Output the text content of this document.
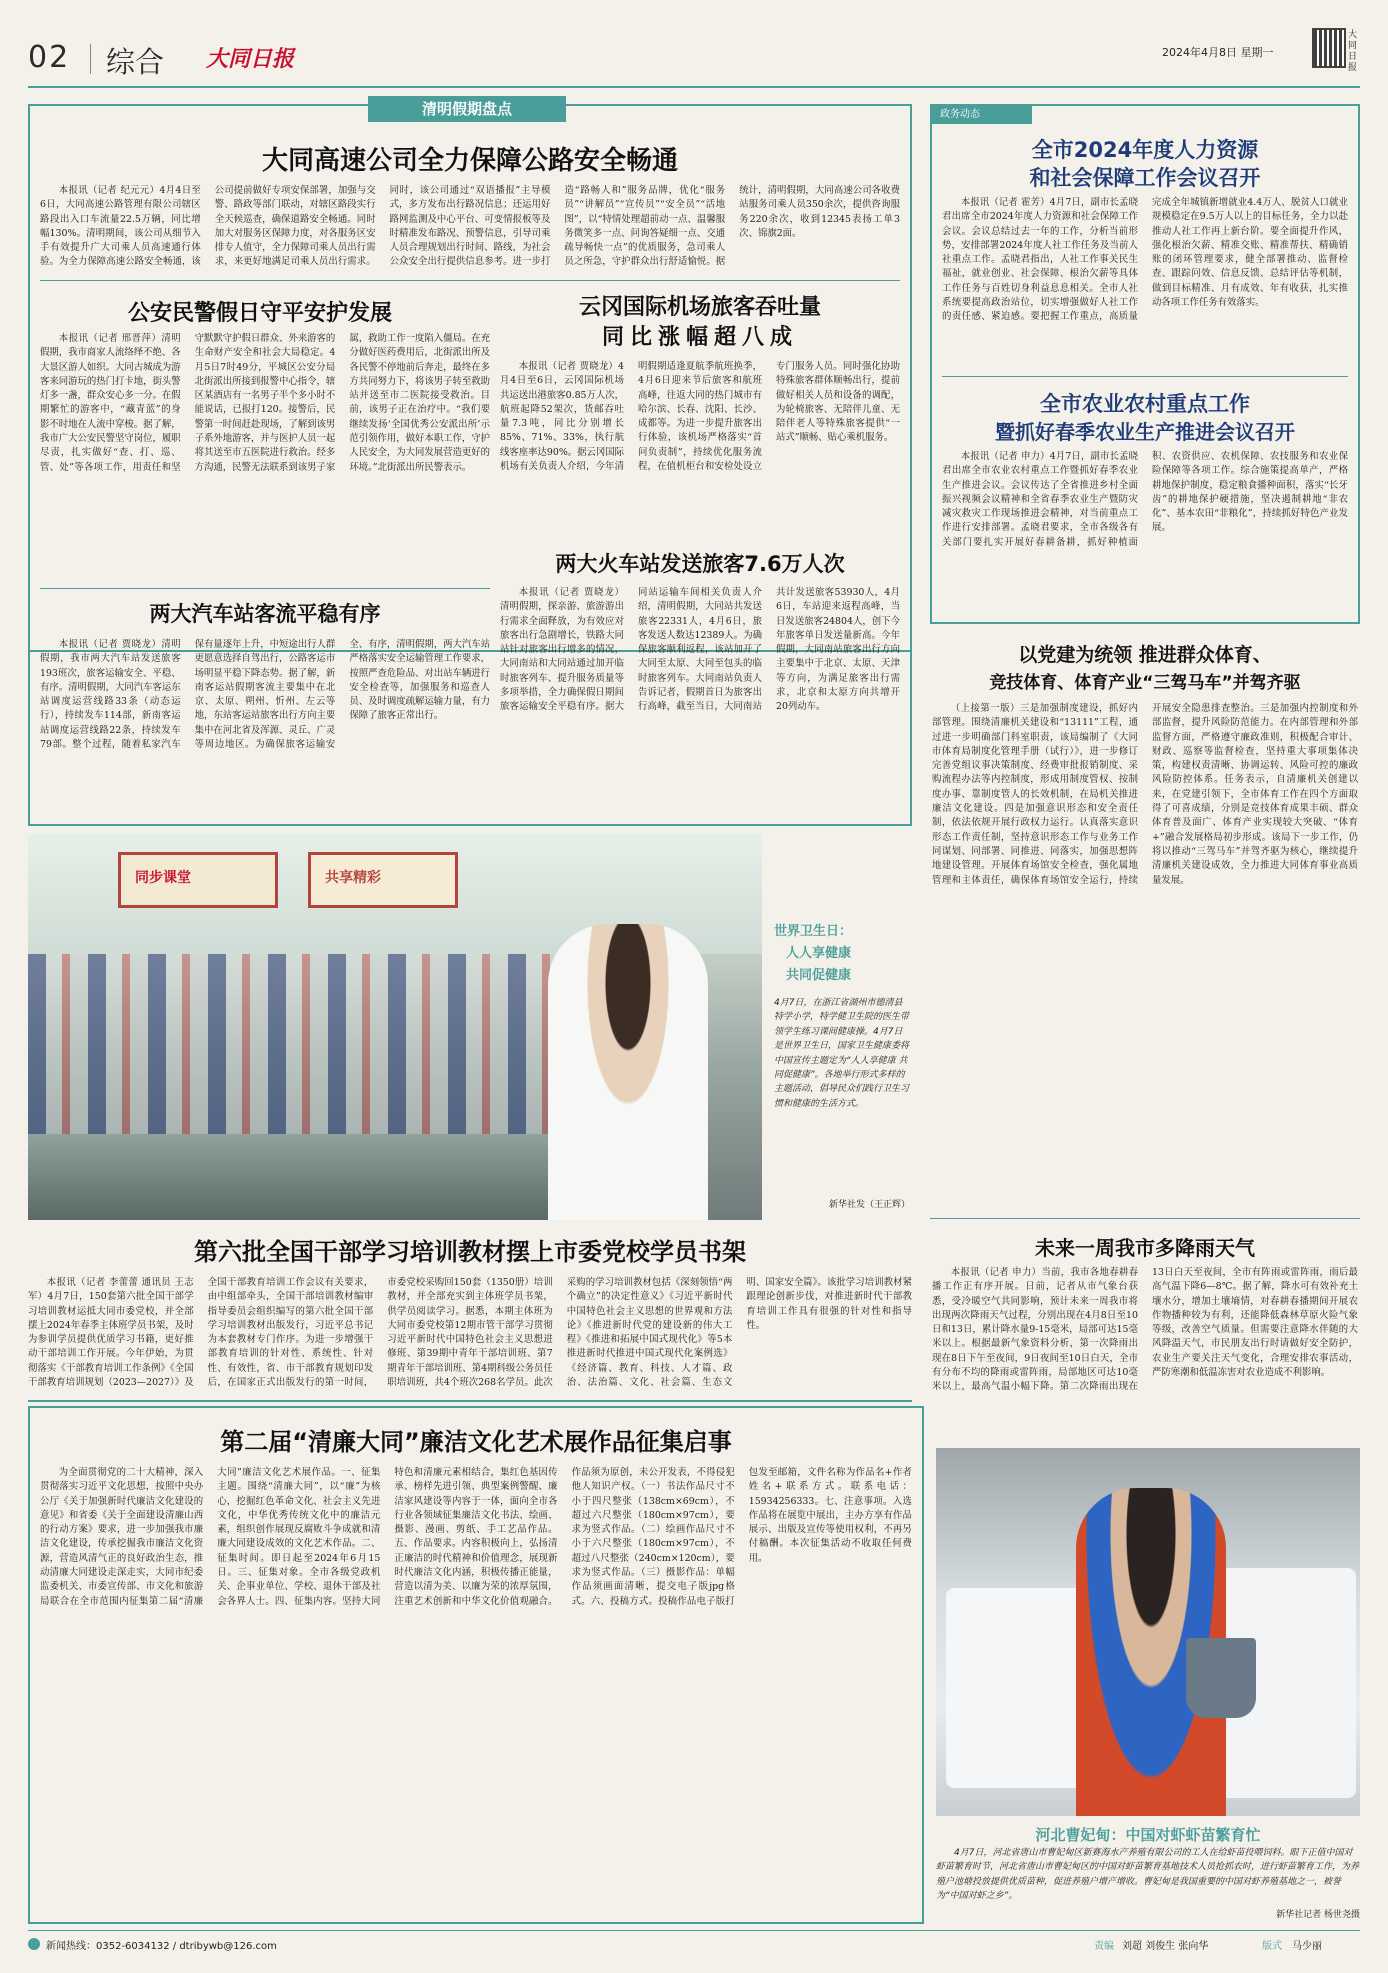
02 综合 大同日报	2024年4月8日 星期一
大同日报
清明假期盘点
大同高速公司全力保障公路安全畅通
本报讯（记者 纪元元）4月4日至6日，大同高速公路管理有限公司辖区路段出入口车流量22.5万辆，同比增幅130%。清明期间，该公司从细节入手有效提升广大司乘人员高速通行体验。为全力保障高速公路安全畅通，该公司提前做好专项安保部署，加强与交警、路政等部门联动，对辖区路段实行全天候巡查，确保道路安全畅通。同时加大对服务区保障力度，对各服务区安排专人值守，全力保障司乘人员出行需求，来更好地满足司乘人员出行需求。同时，该公司通过“双语播报”主导模式，多方发布出行路况信息；还运用好路网监测及中心平台、可变情报板等及时精准发布路况、预警信息，引导司乘人员合理规划出行时间、路线，为社会公众安全出行提供信息参考。进一步打造“路畅人和”服务品牌，优化“服务员”“讲解员”“宣传员”“安全员”“活地图”，以“特情处理超前动一点、温馨服务微笑多一点、问询答疑细一点、交通疏导畅快一点”的优质服务，急司乘人员之所急，守护群众出行舒适愉悦。据统计，清明假期，大同高速公司各收费站服务司乘人员350余次，提供咨询服务220余次，收到12345表扬工单3次、锦旗2面。
公安民警假日守平安护发展
本报讯（记者 邢晋萍）清明假期，我市商家人流络绎不绝、各大景区游人如织。大同古城成为游客来同游玩的热门打卡地，街头警灯多一盏，群众安心多一分。在假期繁忙的游客中，“藏青蓝”的身影不时地在人流中穿梭。据了解，我市广大公安民警坚守岗位，履职尽责，扎实做好“查、打、巡、管、处”等各项工作，用责任和坚守默默守护假日群众、外来游客的生命财产安全和社会大局稳定。4月5日7时49分，平城区公安分局北街派出所接到报警中心指令，辖区某酒店有一名男子半个多小时不能说话，已报打120。接警后，民警第一时间赶赴现场，了解到该男子系外地游客，并与医护人员一起将其送至市五医院进行救治。经多方沟通，民警无法联系到该男子家属，救助工作一度陷入僵局。在充分做好医药费用后，北街派出所及各民警不停地前后奔走，最终在多方共同努力下，将该男子转至救助站并送至市二医院接受救治。目前，该男子正在治疗中。“我们要继续发扬‘全国优秀公安派出所’示范引领作用，做好本职工作，守护人民安全，为大同发展营造更好的环境。”北街派出所民警表示。
云冈国际机场旅客吞吐量
同比涨幅超八成
本报讯（记者 贾晓龙）4月4日至6日，云冈国际机场共运送出港旅客0.85万人次，航班起降52架次，货邮吞吐量7.3吨，同比分别增长85%、71%、33%，执行航线客座率达90%。据云冈国际机场有关负责人介绍，今年清明假期适逢夏航季航班换季，4月6日迎来节后旅客和航班高峰，往返大同的热门城市有哈尔滨、长春、沈阳、长沙、成都等。为进一步提升旅客出行体验，该机场严格落实“首问负责制”，持续优化服务流程，在值机柜台和安检处设立专门服务人员。同时强化协助特殊旅客群体顺畅出行，提前做好相关人员和设备的调配，为轮椅旅客、无陪伴儿童、无陪伴老人等特殊旅客提供“一站式”顺畅、贴心乘机服务。
两大汽车站客流平稳有序
两大火车站发送旅客7.6万人次
本报讯（记者 贾晓龙）清明假期，我市两大汽车站发送旅客193班次，旅客运输安全、平稳、有序。清明假期，大同汽车客运东站调度运营线路33条（动态运行），持续发车114部，新南客运站调度运营线路22条，持续发车79部。整个过程，随着私家汽车保有量逐年上升，中短途出行人群更愿意选择自驾出行，公路客运市场明显平稳下降态势。据了解，新南客运站假期客流主要集中在北京、太原、朔州、忻州、左云等地，东站客运站旅客出行方向主要集中在河北省及浑源、灵丘、广灵等周边地区。为确保旅客运输安全、有序，清明假期，两大汽车站严格落实安全运输管理工作要求，按照严查危险品、对出站车辆进行安全检查等，加强服务和巡查人员、及时调度疏解运输力量，有力保障了旅客正常出行。
本报讯（记者 贾晓龙）清明假期，探亲游、旅游游出行需求全面释放，为有效应对旅客出行急剧增长，铁路大同站针对旅客出行增多的情况，大同南站和大同站通过加开临时旅客列车、提升服务质量等多项举措，全力确保假日期间旅客运输安全平稳有序。据大同站运输车间相关负责人介绍，清明假期，大同站共发送旅客22331人，4月6日，旅客发送人数达12389人。为确保旅客顺利返程，该站加开了大同至太原、大同至包头的临时旅客列车。大同南站负责人告诉记者，假期首日为旅客出行高峰，截至当日，大同南站共计发送旅客53930人，4月6日，车站迎来返程高峰，当日发送旅客24804人，创下今年旅客单日发送量新高。今年假期，大同南站旅客出行方向主要集中于北京、太原、天津等方向，为满足旅客出行需求，北京和太原方向共增开20列动车。
同步课堂	共享精彩
世界卫生日：
人人享健康
共同促健康
4月7日，在浙江省湖州市德清县特学小学，特学健卫生院的医生带领学生练习课间健康操。4月7日是世界卫生日，国家卫生健康委将中国宣传主题定为“人人享健康 共同促健康”。各地举行形式多样的主题活动，倡导民众们践行卫生习惯和健康的生活方式。
新华社发（王正辉）
第六批全国干部学习培训教材摆上市委党校学员书架
本报讯（记者 李蕾蕾 通讯员 王志军）4月7日，150套第六批全国干部学习培训教材运抵大同市委党校，并全部摆上2024年春季主体班学员书架，及时为参训学员提供优质学习书籍，更好推动干部培训工作开展。今年伊始，为贯彻落实《干部教育培训工作条例》《全国干部教育培训规划（2023—2027）》及全国干部教育培训工作会议有关要求，由中组部牵头，全国干部培训教材编审指导委员会组织编写的第六批全国干部学习培训教材出版发行，习近平总书记为本套教材专门作序。为进一步增强干部教育培训的针对性、系统性、针对性、有效性，省、市干部教育规划印发后，在国家正式出版发行的第一时间，市委党校采购回150套（1350册）培训教材，并全部充实到主体班学员书架，供学员阅读学习。据悉，本期主体班为大同市委党校第12期市管干部学习贯彻习近平新时代中国特色社会主义思想进修班、第39期中青年干部培训班、第7期青年干部培训班、第4期科级公务员任职培训班，共4个班次268名学员。此次采购的学习培训教材包括《深刻领悟“两个确立”的决定性意义》《习近平新时代中国特色社会主义思想的世界观和方法论》《推进新时代党的建设新的伟大工程》《推进和拓展中国式现代化》等5本推进新时代推进中国式现代化案例选》《经济篇、教育、科技、人才篇、政治、法治篇、文化、社会篇、生态文明、国家安全篇》。该批学习培训教材紧跟理论创新步伐，对推进新时代干部教育培训工作具有很强的针对性和指导性。
第二届“清廉大同”廉洁文化艺术展作品征集启事
为全面贯彻党的二十大精神，深入贯彻落实习近平文化思想，按照中央办公厅《关于加强新时代廉洁文化建设的意见》和省委《关于全面建设清廉山西的行动方案》要求，进一步加强我市廉洁文化建设，传承挖掘我市廉洁文化资源，营造风清气正的良好政治生态，推动清廉大同建设走深走实，大同市纪委监委机关、市委宣传部、市文化和旅游局联合在全市范围内征集第二届“清廉大同”廉洁文化艺术展作品。一、征集主题。围绕“清廉大同”，以“廉”为核心，挖掘红色革命文化、社会主义先进文化，中华优秀传统文化中的廉洁元素，组织创作展现反腐败斗争成就和清廉大同建设成效的文化艺术作品。二、征集时间。即日起至2024年6月15日。三、征集对象。全市各级党政机关、企事业单位、学校、退休干部及社会各界人士。四、征集内容。坚持大同特色和清廉元素相结合，集红色基因传承、榜样先进引领、典型案例警醒、廉洁家风建设等内容于一体，面向全市各行业各领域征集廉洁文化书法、绘画、摄影、漫画、剪纸、手工艺品作品。五、作品要求。内容积极向上，弘扬清正廉洁的时代精神和价值理念，展现新时代廉洁文化内涵，积极传播正能量，营造以清为美、以廉为荣的浓厚氛围，注重艺术创新和中华文化价值观融合。作品须为原创，未公开发表，不得侵犯他人知识产权。（一）书法作品尺寸不小于四尺整张（138cm×69cm），不超过六尺整张（180cm×97cm），要求为竖式作品。（二）绘画作品尺寸不小于六尺整张（180cm×97cm），不超过八尺整张（240cm×120cm），要求为竖式作品。（三）摄影作品：单幅作品须画面清晰，提交电子版jpg格式。六、投稿方式。投稿作品电子版打包发至邮箱，文件名称为作品名+作者姓名+联系方式。联系电话：15934256333。七、注意事项。入选作品将在展览中展出，主办方享有作品展示、出版及宣传等使用权利，不再另付稿酬。本次征集活动不收取任何费用。
政务动态
全市2024年度人力资源
和社会保障工作会议召开
本报讯（记者 霍芳）4月7日，副市长孟晓君出席全市2024年度人力资源和社会保障工作会议。会议总结过去一年的工作，分析当前形势，安排部署2024年度人社工作任务及当前人社重点工作。孟晓君指出，人社工作事关民生福祉，就业创业、社会保障、根治欠薪等具体工作任务与百姓切身利益息息相关。全市人社系统要提高政治站位，切实增强做好人社工作的责任感、紧迫感。要把握工作重点，高质量完成全年城镇新增就业4.4万人、脱贫人口就业规模稳定在9.5万人以上的目标任务，全力以赴推动人社工作再上新台阶。要全面提升作风，强化根治欠薪、精准交账、精准帮扶、精确销账的闭环管理要求，健全部署推动、监督检查、跟踪问效、信息反馈、总结评估等机制，做到目标精准、月有成效、年有收获，扎实推动各项工作任务有效落实。
全市农业农村重点工作
暨抓好春季农业生产推进会议召开
本报讯（记者 申力）4月7日，副市长孟晓君出席全市农业农村重点工作暨抓好春季农业生产推进会议。会议传达了全省推进乡村全面振兴视频会议精神和全省春季农业生产暨防灾减灾救灾工作现场推进会精神，对当前重点工作进行安排部署。孟晓君要求，全市各级各有关部门要扎实开展好春耕备耕，抓好种植面积、农资供应、农机保障、农技服务和农业保险保障等各项工作。综合施策提高单产，严格耕地保护制度，稳定粮食播种面积，落实“长牙齿”的耕地保护硬措施，坚决遏制耕地“非农化”、基本农田“非粮化”，持续抓好特色产业发展。
以党建为统领 推进群众体育、
竞技体育、体育产业“三驾马车”并驾齐驱
（上接第一版）三是加强制度建设，抓好内部管理。围绕清廉机关建设和“13111”工程，通过进一步明确部门科室职责，该局编制了《大同市体育局制度化管理手册（试行）》，进一步修订完善党组议事决策制度、经费审批报销制度、采购流程办法等内控制度，形成用制度管权、按制度办事、靠制度管人的长效机制，在局机关推进廉洁文化建设。四是加强意识形态和安全责任制，依法依规开展行政权力运行。认真落实意识形态工作责任制，坚持意识形态工作与业务工作同谋划、同部署、同推进、同落实，加强思想阵地建设管理。开展体育场馆安全检查，强化属地管理和主体责任，确保体育场馆安全运行，持续开展安全隐患排查整治。三是加强内控制度和外部监督，提升风险防范能力。在内部管理和外部监督方面，严格遵守廉政准则，积极配合审计、财政、巡察等监督检查，坚持重大事项集体决策，构建权责清晰、协调运转、风险可控的廉政风险防控体系。任务表示，自清廉机关创建以来，在党建引领下，全市体育工作在四个方面取得了可喜成绩，分别是竞技体育成果丰硕、群众体育普及面广、体育产业实现较大突破、“体育+”融合发展格局初步形成。该局下一步工作，仍将以推动“三驾马车”并驾齐驱为核心，继续提升清廉机关建设成效，全力推进大同体育事业高质量发展。
未来一周我市多降雨天气
本报讯（记者 申力）当前，我市各地春耕春播工作正有序开展。日前，记者从市气象台获悉，受冷暖空气共同影响，预计未来一周我市将出现两次降雨天气过程，分别出现在4月8日至10日和13日，累计降水量9-15毫米，局部可达15毫米以上。根据最新气象资料分析，第一次降雨出现在8日下午至夜间，9日夜间至10日白天，全市有分布不均的降雨或雷阵雨，局部地区可达10毫米以上，最高气温小幅下降。第二次降雨出现在13日白天至夜间，全市有阵雨或雷阵雨，雨后最高气温下降6—8℃。据了解，降水可有效补充土壤水分，增加土壤墒情，对春耕春播期间开展农作物播种较为有利，还能降低森林草原火险气象等级，改善空气质量。但需要注意降水伴随的大风降温天气，市民朋友出行时请做好安全防护，农业生产要关注天气变化，合理安排农事活动，严防寒潮和低温冻害对农业造成不利影响。
河北曹妃甸：中国对虾虾苗繁育忙
4月7日，河北省唐山市曹妃甸区新赛海水产养殖有限公司的工人在给虾苗投喂饲料。眼下正值中国对虾苗繁育时节，河北省唐山市曹妃甸区的中国对虾苗繁育基地技术人员抢抓农时，进行虾苗繁育工作，为养殖户池塘投放提供优质苗种，促进养殖户增产增收。曹妃甸是我国重要的中国对虾养殖基地之一，被誉为“中国对虾之乡”。
新华社记者 杨世尧摄
新闻热线：0352-6034132 / dtribywb@126.com	责编 刘超 刘俊生 张向华	版式 马少丽
